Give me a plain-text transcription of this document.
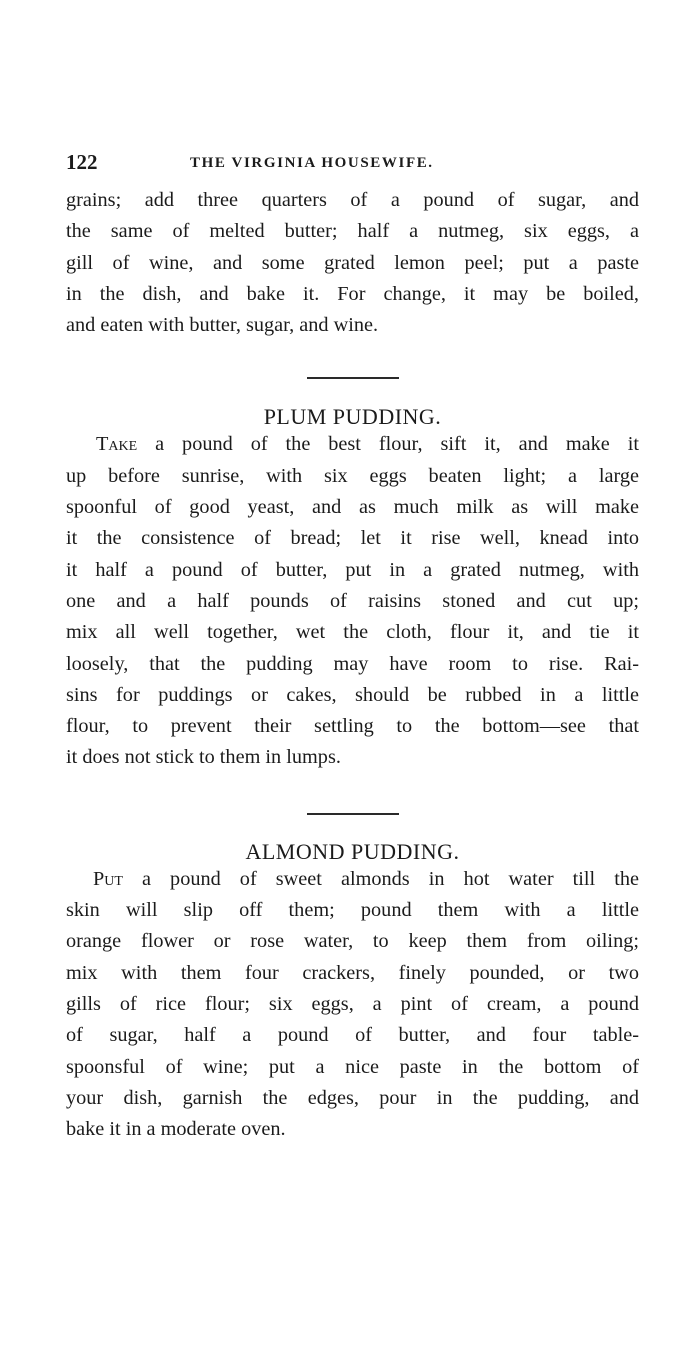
122	THE VIRGINIA HOUSEWIFE.

grains; add three quarters of a pound of sugar, and
the same of melted butter; half a nutmeg, six eggs, a
gill of wine, and some grated lemon peel; put a paste
in the dish, and bake it. For change, it may be boiled,
and eaten with butter, sugar, and wine.

PLUM PUDDING.

Take a pound of the best flour, sift it, and make it
up before sunrise, with six eggs beaten light; a large
spoonful of good yeast, and as much milk as will make
it the consistence of bread; let it rise well, knead into
it half a pound of butter, put in a grated nutmeg, with
one and a half pounds of raisins stoned and cut up;
mix all well together, wet the cloth, flour it, and tie it
loosely, that the pudding may have room to rise. Rai-
sins for puddings or cakes, should be rubbed in a little
flour, to prevent their settling to the bottom—see that
it does not stick to them in lumps.

ALMOND PUDDING.

Put a pound of sweet almonds in hot water till the
skin will slip off them; pound them with a little
orange flower or rose water, to keep them from oiling;
mix with them four crackers, finely pounded, or two
gills of rice flour; six eggs, a pint of cream, a pound
of sugar, half a pound of butter, and four table-
spoonsful of wine; put a nice paste in the bottom of
your dish, garnish the edges, pour in the pudding, and
bake it in a moderate oven.
